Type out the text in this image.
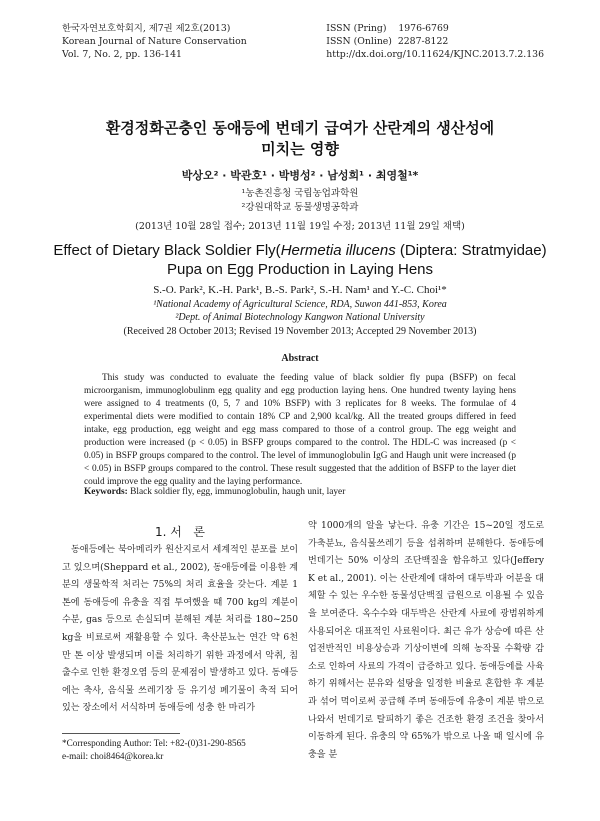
한국자연보호학회지, 제7권 제2호(2013)
Korean Journal of Nature Conservation
Vol. 7, No. 2, pp. 136-141
ISSN (Pring)    1976-6769
ISSN (Online)  2287-8122
http://dx.doi.org/10.11624/KJNC.2013.7.2.136
환경정화곤충인 동애등에 번데기 급여가 산란계의 생산성에
미치는 영향
박상오² · 박관호¹ · 박병성² · 남성희¹ · 최영철¹*
¹농촌진흥청 국립농업과학원
²강원대학교 동물생명공학과
(2013년 10월 28일 접수; 2013년 11월 19일 수정; 2013년 11월 29일 채택)
Effect of Dietary Black Soldier Fly(Hermetia illucens (Diptera: Stratmyidae)
Pupa on Egg Production in Laying Hens
S.-O. Park², K.-H. Park¹, B.-S. Park², S.-H. Nam¹ and Y.-C. Choi¹*
¹National Academy of Agricultural Science, RDA, Suwon 441-853, Korea
²Dept. of Animal Biotechnology Kangwon National University
(Received 28 October 2013; Revised 19 November 2013; Accepted 29 November 2013)
Abstract
This study was conducted to evaluate the feeding value of black soldier fly pupa (BSFP) on fecal microorganism, immunoglobulinm egg quality and egg production laying hens. One hundred twenty laying hens were assigned to 4 treatments (0, 5, 7 and 10% BSFP) with 3 replicates for 8 weeks. The formulae of 4 experimental diets were modified to contain 18% CP and 2,900 kcal/kg. All the treated groups differed in feed intake, egg production, egg weight and egg mass compared to those of a control group. The egg weight and production were increased (p < 0.05) in BSFP groups compared to the control. The HDL-C was increased (p < 0.05) in BSFP groups compared to the control. The level of immunoglobulin IgG and Haugh unit were increased (p < 0.05) in BSFP groups compared to the control. These result suggested that the addition of BSFP to the layer diet could improve the egg quality and the laying performance.
Keywords: Black soldier fly, egg, immunoglobulin, haugh unit, layer
1. 서   론
동애등에는 북아메리카 원산지로서 세계적인 분포를 보이고 있으며(Sheppard et al., 2002), 동애등에를 이용한 계분의 생물학적 처리는 75%의 처리 효율을 갖는다. 계분 1톤에 동애등에 유충을 직접 투여했을 때 700 kg의 계분이 수분, gas 등으로 손실되며 분해된 계분 처리를 180~250 kg을 비료로써 재활용할 수 있다. 축산분뇨는 연간 약 6천만 톤 이상 발생되며 이를 처리하기 위한 과정에서 악취, 침출수로 인한 환경오염 등의 문제점이 발생하고 있다. 동애등에는 축사, 음식물 쓰레기장 등 유기성 폐기물이 축적 되어있는 장소에서 서식하며 동애등에 성충 한 마리가
약 1000개의 알을 낳는다. 유충 기간은 15~20일 정도로 가축분뇨, 음식물쓰레기 등을 섭취하며 분해한다. 동애등에 번데기는 50% 이상의 조단백질을 함유하고 있다(Jeffery K et al., 2001). 이는 산란계에 대하여 대두박과 어분을 대체할 수 있는 우수한 동물성단백질 급원으로 이용될 수 있음을 보여준다. 옥수수와 대두박은 산란계 사료에 광범위하게 사용되어온 대표적인 사료원이다. 최근 유가 상승에 따른 산업전반적인 비용상승과 기상이변에 의해 농작물 수확량 감소로 인하여 사료의 가격이 급증하고 있다. 동애등에를 사육하기 위해서는 분유와 설탕을 일정한 비율로 혼합한 후 계분과 섞어 먹이로써 공급해 주며 동애등에 유충이 계분 밖으로 나와서 번데기로 탈피하기 좋은 건조한 환경 조건을 찾아서 이동하게 된다. 유충의 약 65%가 밖으로 나올 때 일시에 유충을 분
*Corresponding Author: Tel: +82-(0)31-290-8565
e-mail: choi8464@korea.kr
